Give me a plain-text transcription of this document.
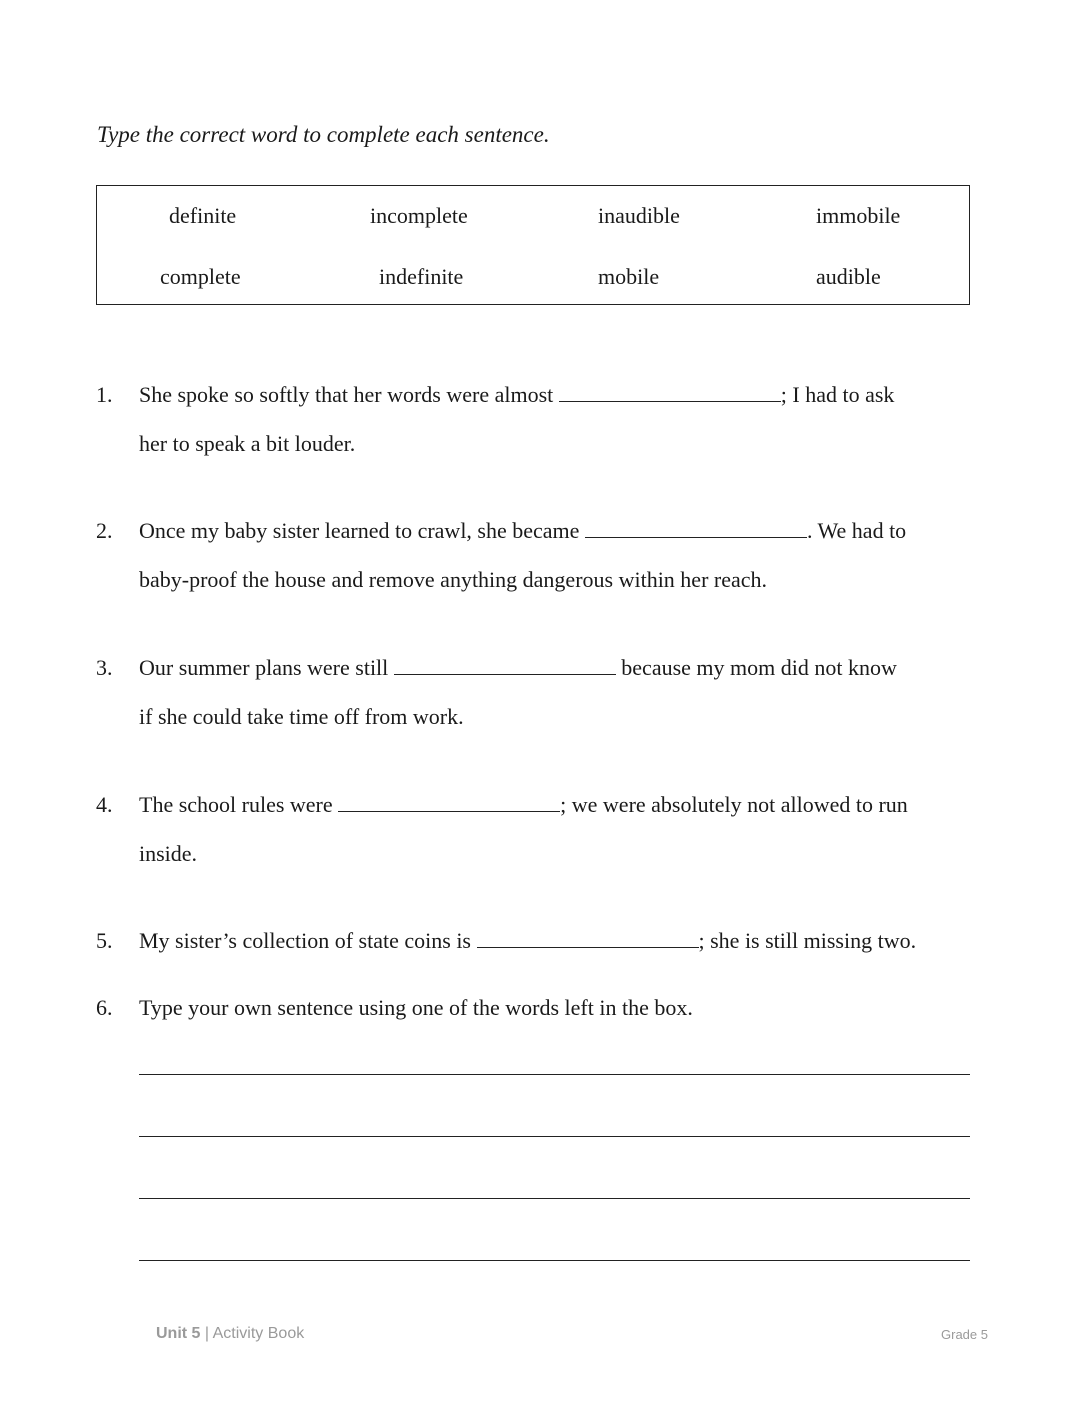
Type the correct word to complete each sentence.

definite	incomplete	inaudible	immobile
complete	indefinite	mobile	audible
1. She spoke so softly that her words were almost	; I had to ask
her to speak a bit louder.
2. Once my baby sister learned to crawl, she became	. We had to
baby-proof the house and remove anything dangerous within her reach.
3. Our summer plans were still	because my mom did not know
if she could take time off from work.
4. The school rules were	; we were absolutely not allowed to run
inside.
5. My sister’s collection of state coins is	; she is still missing two.
6. Type your own sentence using one of the words left in the box.
Unit 5 | Activity Book	Grade 5
